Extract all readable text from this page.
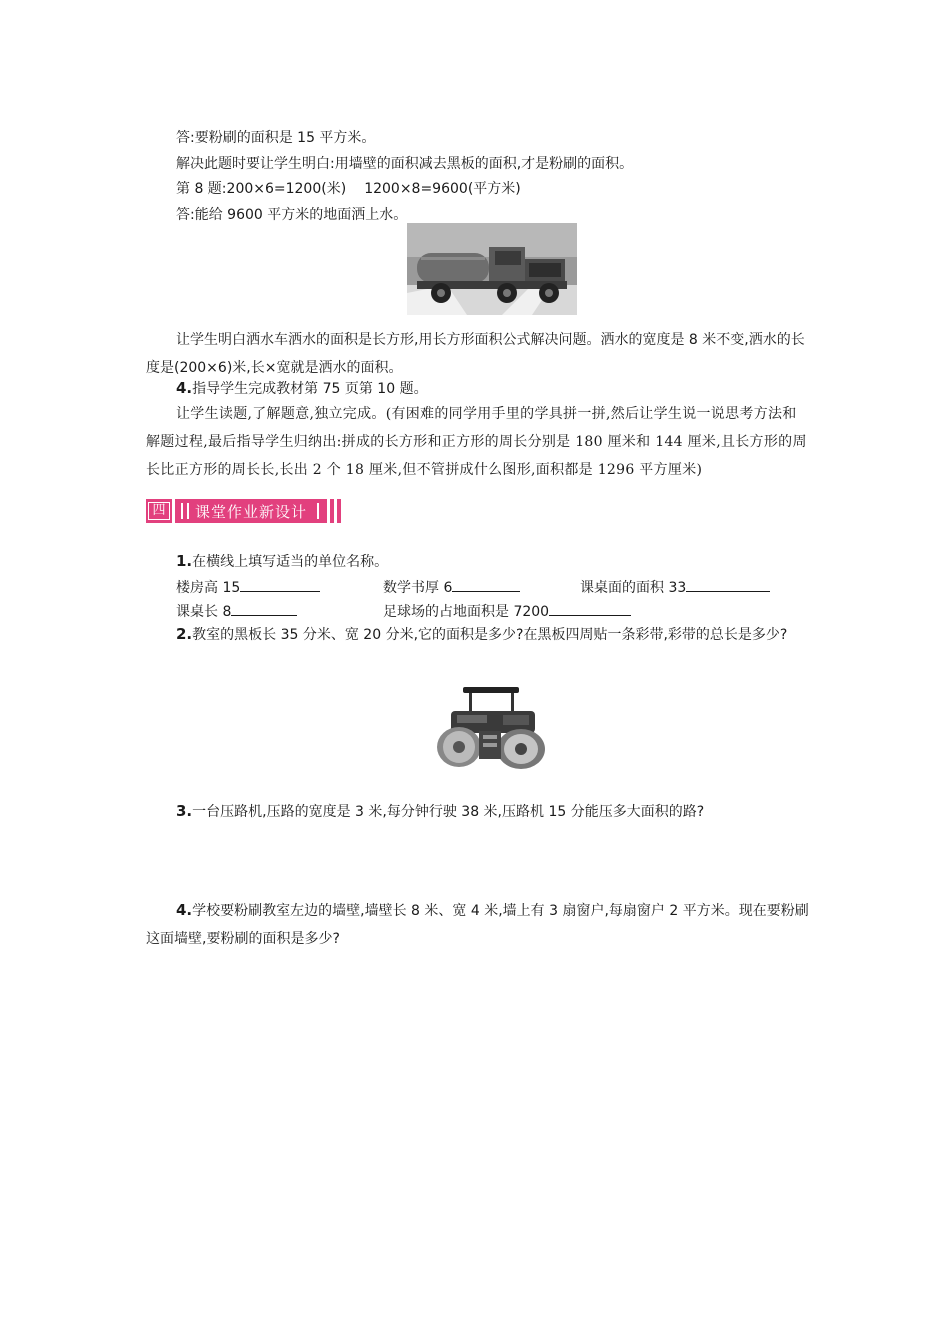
答:要粉刷的面积是 15 平方米。
解决此题时要让学生明白:用墙壁的面积减去黑板的面积,才是粉刷的面积。
第 8 题:200×6=1200(米) 1200×8=9600(平方米)
答:能给 9600 平方米的地面洒上水。
让学生明白洒水车洒水的面积是长方形,用长方形面积公式解决问题。洒水的宽度是 8 米不变,洒水的长度是(200×6)米,长×宽就是洒水的面积。
4.指导学生完成教材第 75 页第 10 题。
让学生读题,了解题意,独立完成。(有困难的同学用手里的学具拼一拼,然后让学生说一说思考方法和解题过程,最后指导学生归纳出:拼成的长方形和正方形的周长分别是 180 厘米和 144 厘米,且长方形的周长比正方形的周长长,长出 2 个 18 厘米,但不管拼成什么图形,面积都是 1296 平方厘米)
四 课堂作业新设计
1.在横线上填写适当的单位名称。
楼房高 15	数学书厚 6	课桌面的面积 33
课桌长 8	足球场的占地面积是 7200
2.教室的黑板长 35 分米、宽 20 分米,它的面积是多少?在黑板四周贴一条彩带,彩带的总长是多少?
3.一台压路机,压路的宽度是 3 米,每分钟行驶 38 米,压路机 15 分能压多大面积的路?
4.学校要粉刷教室左边的墙壁,墙壁长 8 米、宽 4 米,墙上有 3 扇窗户,每扇窗户 2 平方米。现在要粉刷这面墙壁,要粉刷的面积是多少?
